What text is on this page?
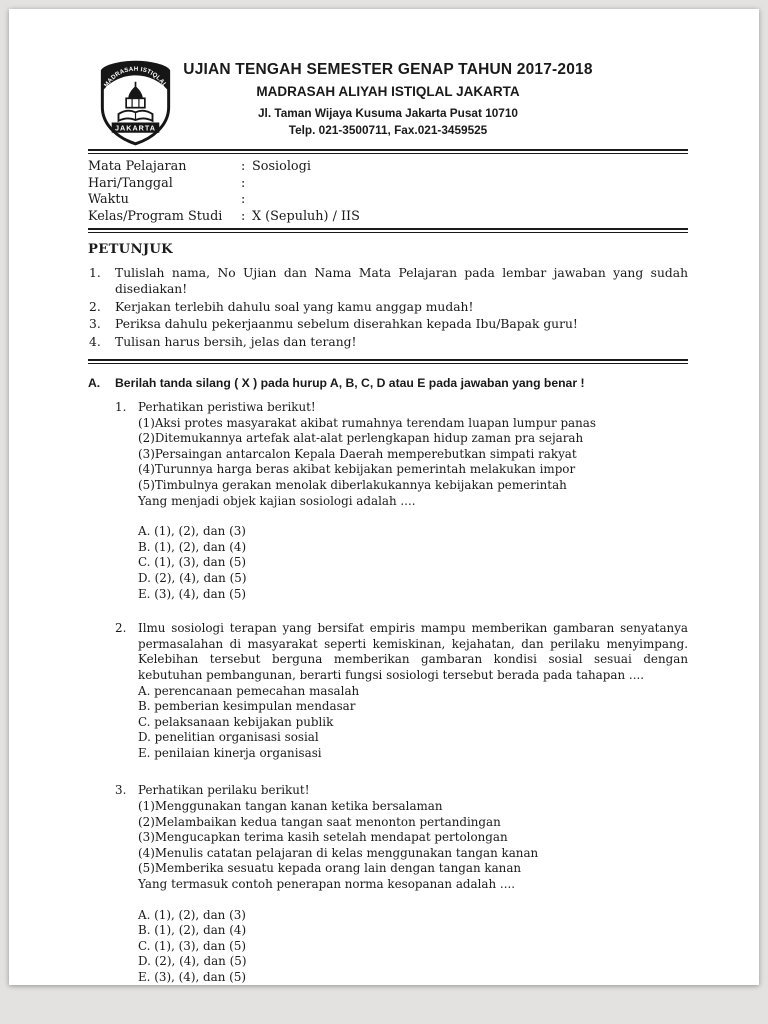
MADRASAH ISTIQLAL
JAKARTA
UJIAN TENGAH SEMESTER GENAP TAHUN 2017-2018
MADRASAH ALIYAH ISTIQLAL JAKARTA
Jl. Taman Wijaya Kusuma Jakarta Pusat 10710
Telp. 021-3500711, Fax.021-3459525
Mata Pelajaran	: Sosiologi
Hari/Tanggal	:
Waktu	:
Kelas/Program Studi : X (Sepuluh) / IIS
PETUNJUK
Tulislah nama, No Ujian dan Nama Mata Pelajaran pada lembar jawaban yang sudah disediakan!
Kerjakan terlebih dahulu soal yang kamu anggap mudah!
Periksa dahulu pekerjaanmu sebelum diserahkan kepada Ibu/Bapak guru!
Tulisan harus bersih, jelas dan terang!
A.	Berilah tanda silang ( X ) pada hurup A, B, C, D atau E pada jawaban yang benar !
1. Perhatikan peristiwa berikut!
(1)Aksi protes masyarakat akibat rumahnya terendam luapan lumpur panas
(2)Ditemukannya artefak alat-alat perlengkapan hidup zaman pra sejarah
(3)Persaingan antarcalon Kepala Daerah memperebutkan simpati rakyat
(4)Turunnya harga beras akibat kebijakan pemerintah melakukan impor
(5)Timbulnya gerakan menolak diberlakukannya kebijakan pemerintah
Yang menjadi objek kajian sosiologi adalah ....
A. (1), (2), dan (3)
B. (1), (2), dan (4)
C. (1), (3), dan (5)
D. (2), (4), dan (5)
E. (3), (4), dan (5)
2. Ilmu sosiologi terapan yang bersifat empiris mampu memberikan gambaran senyatanya permasalahan di masyarakat seperti kemiskinan, kejahatan, dan perilaku menyimpang. Kelebihan tersebut berguna memberikan gambaran kondisi sosial sesuai dengan kebutuhan pembangunan, berarti fungsi sosiologi tersebut berada pada tahapan ....
A. perencanaan pemecahan masalah
B. pemberian kesimpulan mendasar
C. pelaksanaan kebijakan publik
D. penelitian organisasi sosial
E. penilaian kinerja organisasi
3. Perhatikan perilaku berikut!
(1)Menggunakan tangan kanan ketika bersalaman
(2)Melambaikan kedua tangan saat menonton pertandingan
(3)Mengucapkan terima kasih setelah mendapat pertolongan
(4)Menulis catatan pelajaran di kelas menggunakan tangan kanan
(5)Memberika sesuatu kepada orang lain dengan tangan kanan
Yang termasuk contoh penerapan norma kesopanan adalah ....
A. (1), (2), dan (3)
B. (1), (2), dan (4)
C. (1), (3), dan (5)
D. (2), (4), dan (5)
E. (3), (4), dan (5)
